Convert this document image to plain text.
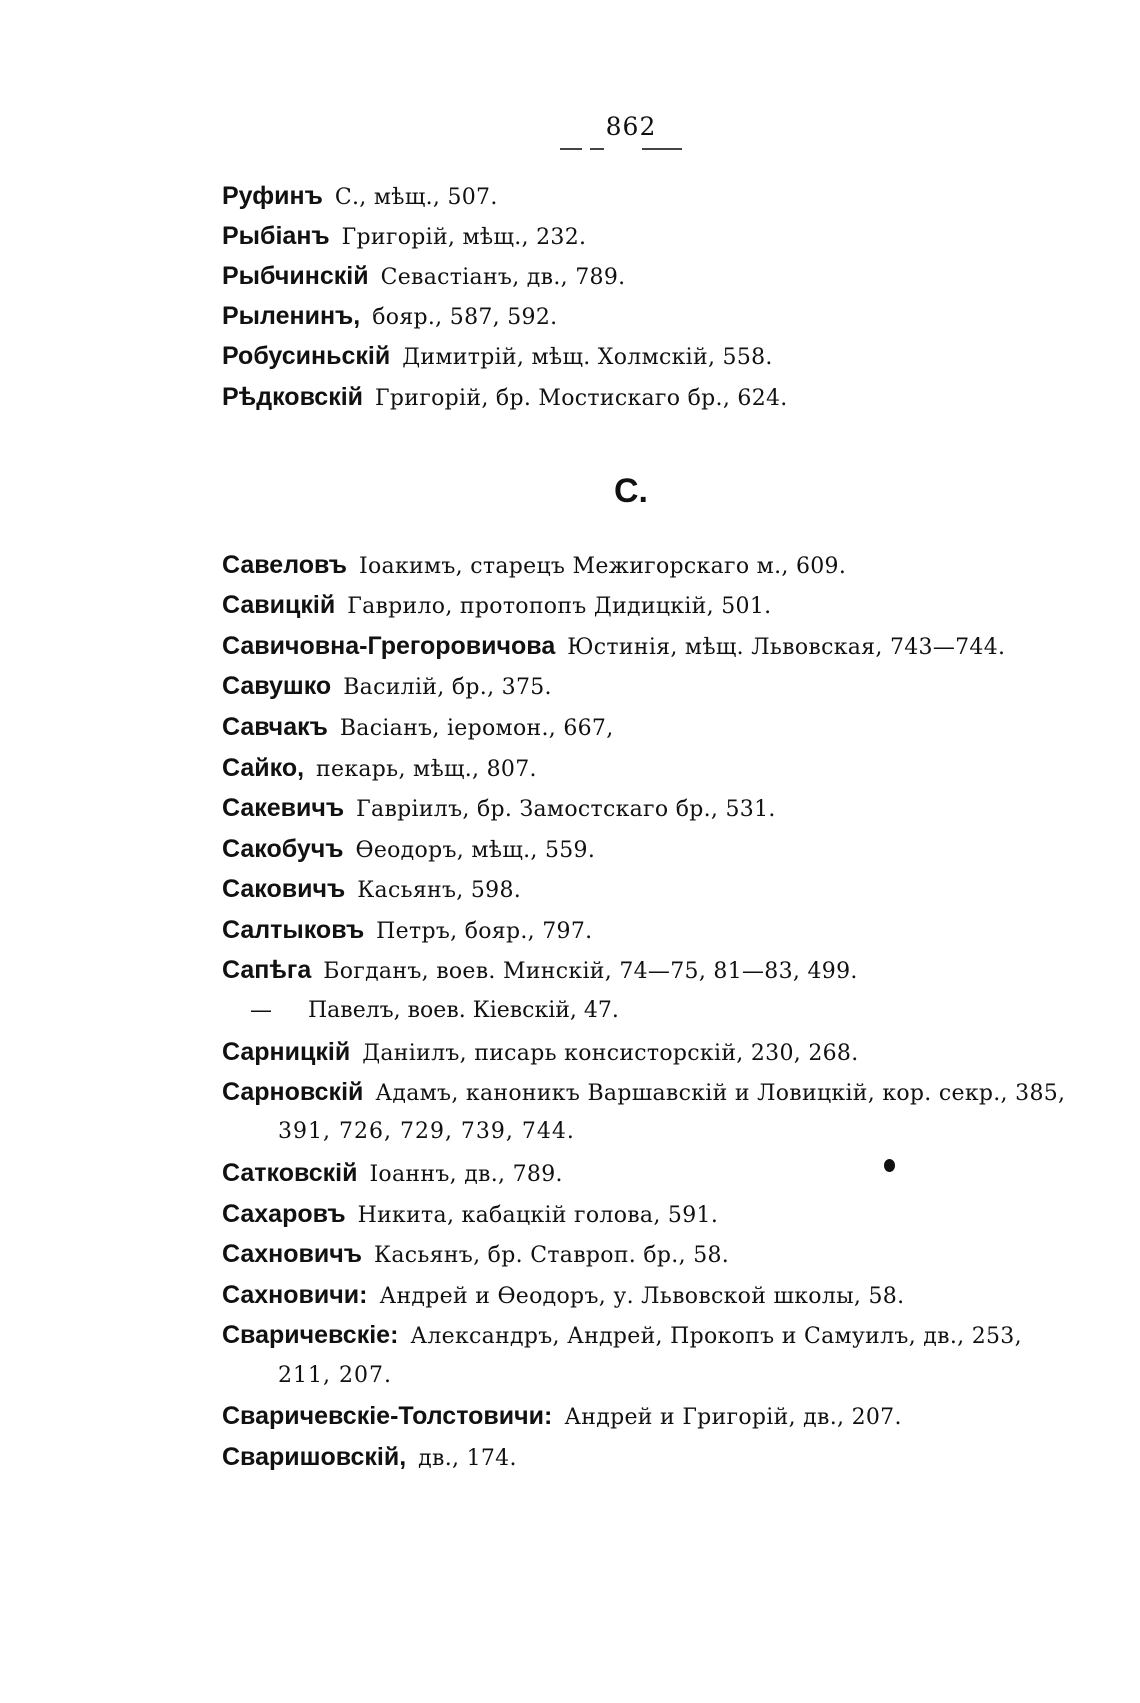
862
Руфинъ С., мѣщ., 507.
Рыбіанъ Григорій, мѣщ., 232.
Рыбчинскій Севастіанъ, дв., 789.
Рыленинъ, бояр., 587, 592.
Робусиньскій Димитрій, мѣщ. Холмскій, 558.
Рѣдковскій Григорій, бр. Мостискаго бр., 624.
Савеловъ Іоакимъ, старецъ Межигорскаго м., 609.
Савицкій Гаврило, протопопъ Дидицкій, 501.
Савичовна-Грегоровичова Юстинія, мѣщ. Львовская, 743—744.
Савушко Василій, бр., 375.
Савчакъ Васіанъ, іеромон., 667,
Сайко, пекарь, мѣщ., 807.
Сакевичъ Гавріилъ, бр. Замостскаго бр., 531.
Сакобучъ Ѳеодоръ, мѣщ., 559.
Саковичъ Касьянъ, 598.
Салтыковъ Петръ, бояр., 797.
Сапѣга Богданъ, воев. Минскій, 74—75, 81—83, 499.
— Павелъ, воев. Кіевскій, 47.
Сарницкій Даніилъ, писарь консисторскій, 230, 268.
Сарновскій Адамъ, каноникъ Варшавскій и Ловицкій, кор. секр., 385,
391, 726, 729, 739, 744.
Сатковскій Іоаннъ, дв., 789.
Сахаровъ Никита, кабацкій голова, 591.
Сахновичъ Касьянъ, бр. Ставроп. бр., 58.
Сахновичи: Андрей и Ѳеодоръ, у. Львовской школы, 58.
Сваричевскіе: Александръ, Андрей, Прокопъ и Самуилъ, дв., 253,
211, 207.
Сваричевскіе-Толстовичи: Андрей и Григорій, дв., 207.
Сваришовскій, дв., 174.
С.
